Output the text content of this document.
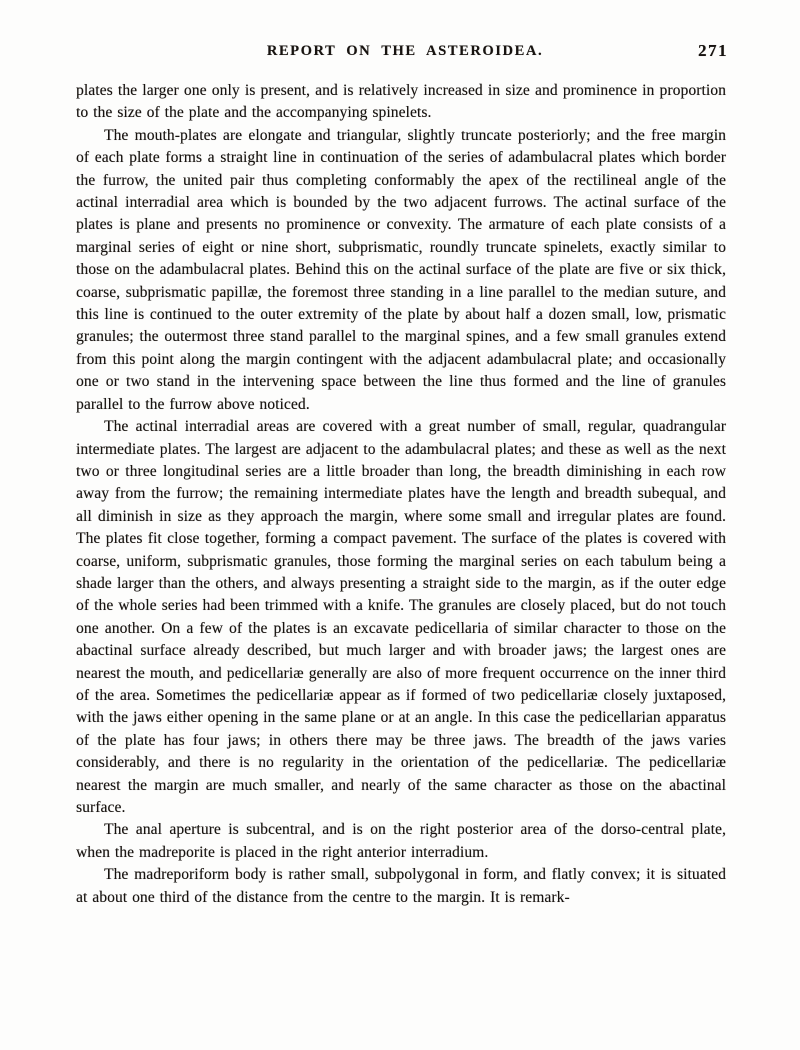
REPORT ON THE ASTEROIDEA.	271

plates the larger one only is present, and is relatively increased in size and prominence in proportion to the size of the plate and the accompanying spinelets.

The mouth-plates are elongate and triangular, slightly truncate posteriorly; and the free margin of each plate forms a straight line in continuation of the series of adambulacral plates which border the furrow, the united pair thus completing conformably the apex of the rectilineal angle of the actinal interradial area which is bounded by the two adjacent furrows. The actinal surface of the plates is plane and presents no prominence or convexity. The armature of each plate consists of a marginal series of eight or nine short, subprismatic, roundly truncate spinelets, exactly similar to those on the adambulacral plates. Behind this on the actinal surface of the plate are five or six thick, coarse, subprismatic papillæ, the foremost three standing in a line parallel to the median suture, and this line is continued to the outer extremity of the plate by about half a dozen small, low, prismatic granules; the outermost three stand parallel to the marginal spines, and a few small granules extend from this point along the margin contingent with the adjacent adambulacral plate; and occasionally one or two stand in the intervening space between the line thus formed and the line of granules parallel to the furrow above noticed.

The actinal interradial areas are covered with a great number of small, regular, quadrangular intermediate plates. The largest are adjacent to the adambulacral plates; and these as well as the next two or three longitudinal series are a little broader than long, the breadth diminishing in each row away from the furrow; the remaining intermediate plates have the length and breadth subequal, and all diminish in size as they approach the margin, where some small and irregular plates are found. The plates fit close together, forming a compact pavement. The surface of the plates is covered with coarse, uniform, subprismatic granules, those forming the marginal series on each tabulum being a shade larger than the others, and always presenting a straight side to the margin, as if the outer edge of the whole series had been trimmed with a knife. The granules are closely placed, but do not touch one another. On a few of the plates is an excavate pedicellaria of similar character to those on the abactinal surface already described, but much larger and with broader jaws; the largest ones are nearest the mouth, and pedicellariæ generally are also of more frequent occurrence on the inner third of the area. Sometimes the pedicellariæ appear as if formed of two pedicellariæ closely juxtaposed, with the jaws either opening in the same plane or at an angle. In this case the pedicellarian apparatus of the plate has four jaws; in others there may be three jaws. The breadth of the jaws varies considerably, and there is no regularity in the orientation of the pedicellariæ. The pedicellariæ nearest the margin are much smaller, and nearly of the same character as those on the abactinal surface.

The anal aperture is subcentral, and is on the right posterior area of the dorso-central plate, when the madreporite is placed in the right anterior interradium.

The madreporiform body is rather small, subpolygonal in form, and flatly convex; it is situated at about one third of the distance from the centre to the margin. It is remark-
